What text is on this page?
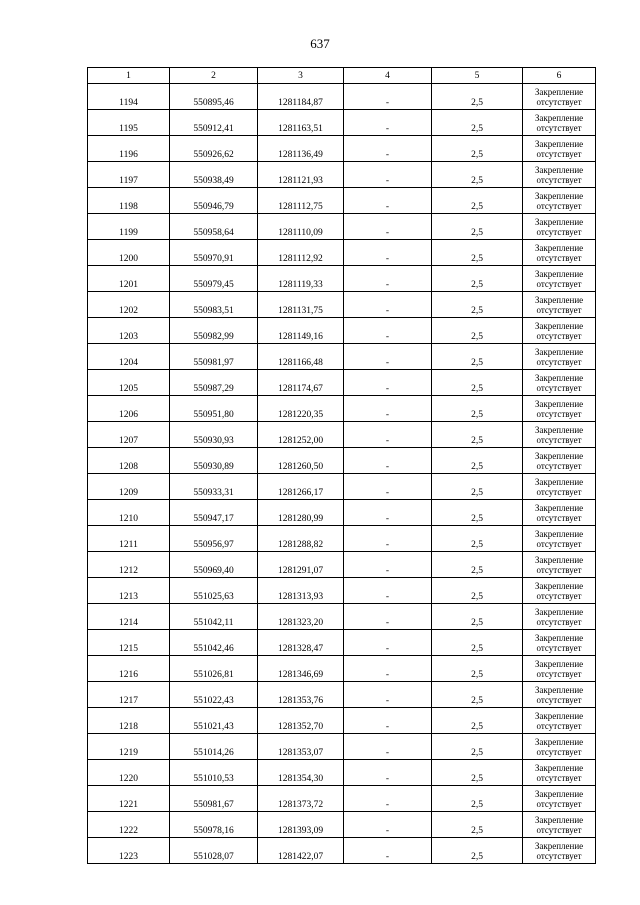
637
1	2	3	4	5	6
1194	550895,46	1281184,87	-	2,5	Закрепление
отсутствует

1195	550912,41	1281163,51	-	2,5	Закрепление
отсутствует

1196	550926,62	1281136,49	-	2,5	Закрепление
отсутствует

1197	550938,49	1281121,93	-	2,5	Закрепление
отсутствует

1198	550946,79	1281112,75	-	2,5	Закрепление
отсутствует

1199	550958,64	1281110,09	-	2,5	Закрепление
отсутствует

1200	550970,91	1281112,92	-	2,5	Закрепление
отсутствует

1201	550979,45	1281119,33	-	2,5	Закрепление
отсутствует

1202	550983,51	1281131,75	-	2,5	Закрепление
отсутствует

1203	550982,99	1281149,16	-	2,5	Закрепление
отсутствует

1204	550981,97	1281166,48	-	2,5	Закрепление
отсутствует

1205	550987,29	1281174,67	-	2,5	Закрепление
отсутствует

1206	550951,80	1281220,35	-	2,5	Закрепление
отсутствует

1207	550930,93	1281252,00	-	2,5	Закрепление
отсутствует

1208	550930,89	1281260,50	-	2,5	Закрепление
отсутствует

1209	550933,31	1281266,17	-	2,5	Закрепление
отсутствует

1210	550947,17	1281280,99	-	2,5	Закрепление
отсутствует

1211	550956,97	1281288,82	-	2,5	Закрепление
отсутствует

1212	550969,40	1281291,07	-	2,5	Закрепление
отсутствует

1213	551025,63	1281313,93	-	2,5	Закрепление
отсутствует

1214	551042,11	1281323,20	-	2,5	Закрепление
отсутствует

1215	551042,46	1281328,47	-	2,5	Закрепление
отсутствует

1216	551026,81	1281346,69	-	2,5	Закрепление
отсутствует

1217	551022,43	1281353,76	-	2,5	Закрепление
отсутствует

1218	551021,43	1281352,70	-	2,5	Закрепление
отсутствует

1219	551014,26	1281353,07	-	2,5	Закрепление
отсутствует

1220	551010,53	1281354,30	-	2,5	Закрепление
отсутствует

1221	550981,67	1281373,72	-	2,5	Закрепление
отсутствует

1222	550978,16	1281393,09	-	2,5	Закрепление
отсутствует

1223	551028,07	1281422,07	-	2,5	Закрепление
отсутствует
